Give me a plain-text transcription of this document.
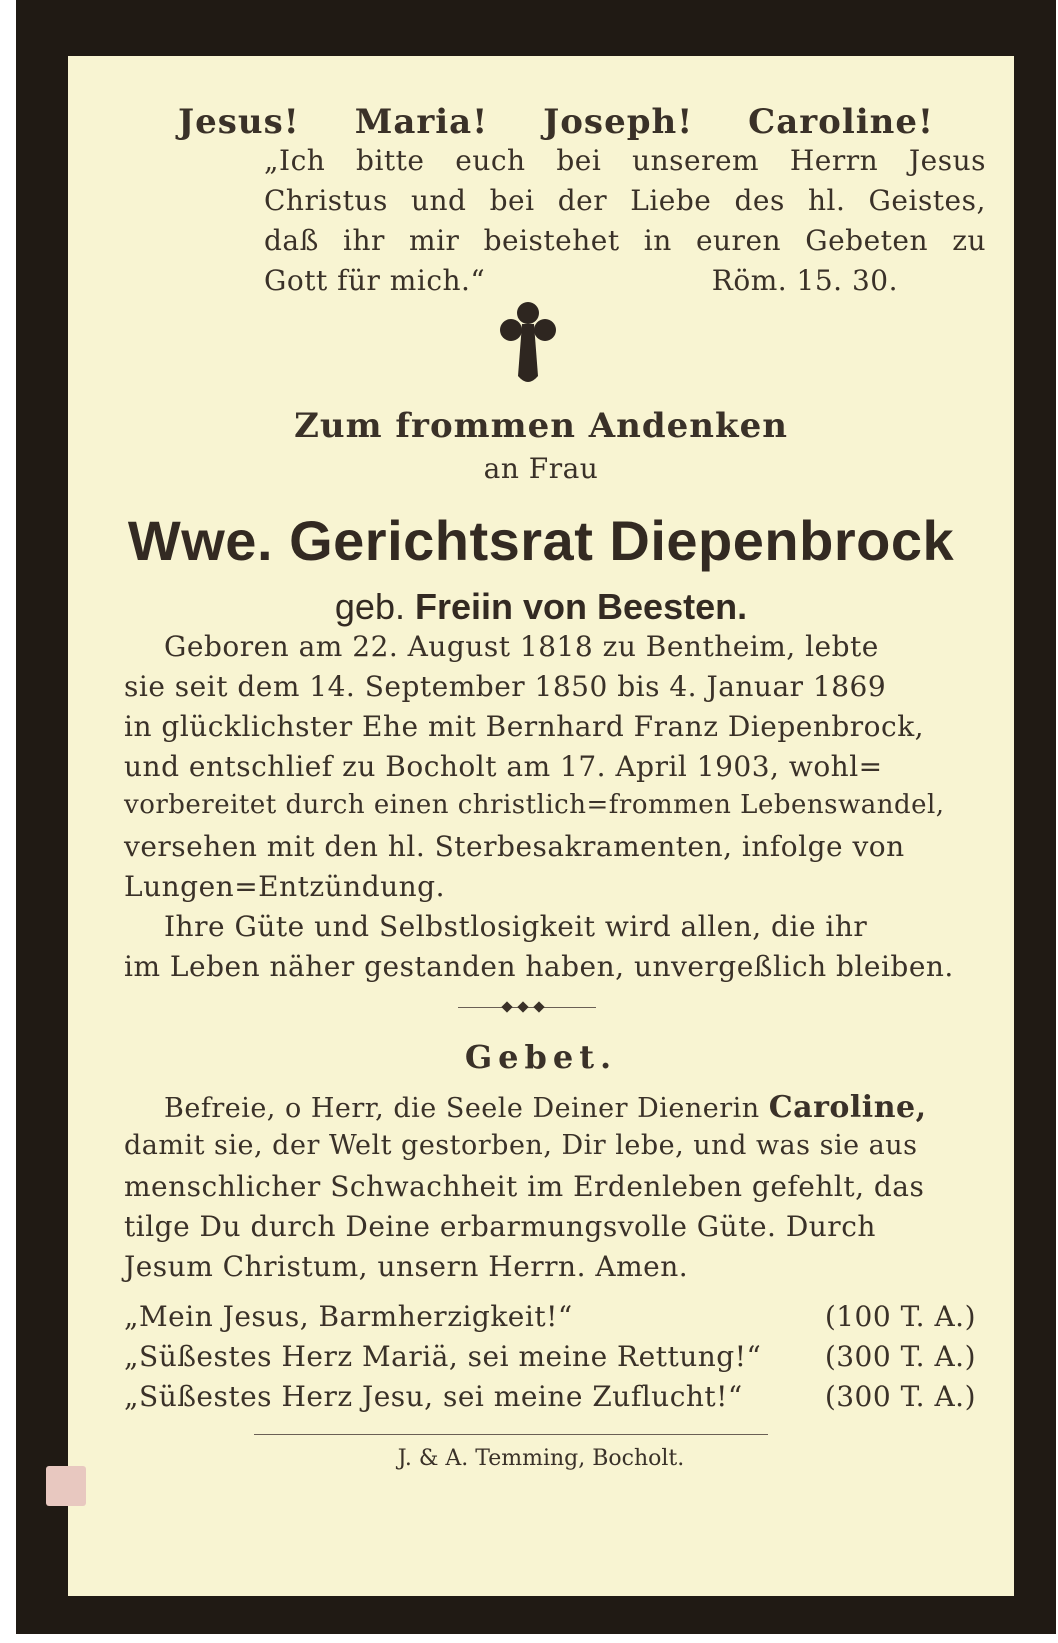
Jesus! Maria! Joseph! Caroline!
„Ich bitte euch bei unserem Herrn Jesus
Christus und bei der Liebe des hl. Geistes,
daß ihr mir beistehet in euren Gebeten zu
Gott für mich.“	Röm. 15. 30.
Zum frommen Andenken
an Frau
Wwe. Gerichtsrat Diepenbrock
geb. Freiin von Beesten.
Geboren am 22. August 1818 zu Bentheim, lebte
sie seit dem 14. September 1850 bis 4. Januar 1869
in glücklichster Ehe mit Bernhard Franz Diepenbrock,
und entschlief zu Bocholt am 17. April 1903, wohl=
vorbereitet durch einen christlich=frommen Lebenswandel,
versehen mit den hl. Sterbesakramenten, infolge von
Lungen=Entzündung.
Ihre Güte und Selbstlosigkeit wird allen, die ihr
im Leben näher gestanden haben, unvergeßlich bleiben.
Gebet.
Befreie, o Herr, die Seele Deiner Dienerin Caroline,
damit sie, der Welt gestorben, Dir lebe, und was sie aus
menschlicher Schwachheit im Erdenleben gefehlt, das
tilge Du durch Deine erbarmungsvolle Güte. Durch
Jesum Christum, unsern Herrn. Amen.
„Mein Jesus, Barmherzigkeit!“	(100 T. A.)
„Süßestes Herz Mariä, sei meine Rettung!“ (300 T. A.)
„Süßestes Herz Jesu, sei meine Zuflucht!“	(300 T. A.)
J. & A. Temming, Bocholt.
